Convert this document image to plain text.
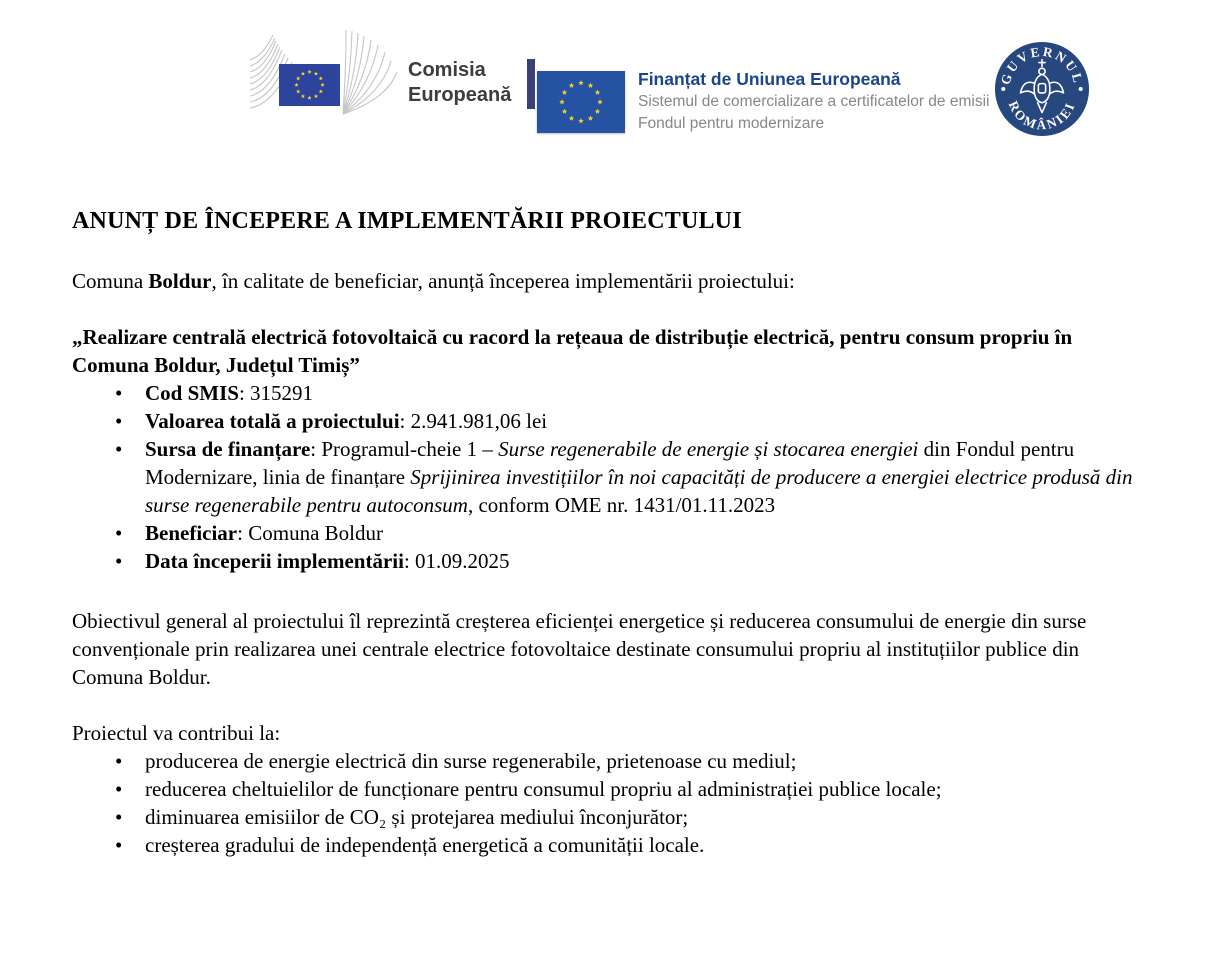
Comisia
Europeană
Finanțat de Uniunea Europeană
Sistemul de comercializare a certificatelor de emisii
Fondul pentru modernizare
GUVERNUL
ROMÂNIEI
ANUNȚ DE ÎNCEPERE A IMPLEMENTĂRII PROIECTULUI

Comuna Boldur, în calitate de beneficiar, anunță începerea implementării proiectului:

„Realizare centrală electrică fotovoltaică cu racord la rețeaua de distribuție electrică, pentru consum propriu în Comuna Boldur, Județul Timiș”

• Cod SMIS: 315291
• Valoarea totală a proiectului: 2.941.981,06 lei
• Sursa de finanțare: Programul-cheie 1 – Surse regenerabile de energie și stocarea energiei din Fondul pentru Modernizare, linia de finanțare Sprijinirea investițiilor în noi capacități de producere a energiei electrice produsă din surse regenerabile pentru autoconsum, conform OME nr. 1431/01.11.2023
• Beneficiar: Comuna Boldur
• Data începerii implementării: 01.09.2025

Obiectivul general al proiectului îl reprezintă creșterea eficienței energetice și reducerea consumului de energie din surse convenționale prin realizarea unei centrale electrice fotovoltaice destinate consumului propriu al instituțiilor publice din Comuna Boldur.

Proiectul va contribui la:

• producerea de energie electrică din surse regenerabile, prietenoase cu mediul;
• reducerea cheltuielilor de funcționare pentru consumul propriu al administrației publice locale;
• diminuarea emisiilor de CO₂ și protejarea mediului înconjurător;
• creșterea gradului de independență energetică a comunității locale.
